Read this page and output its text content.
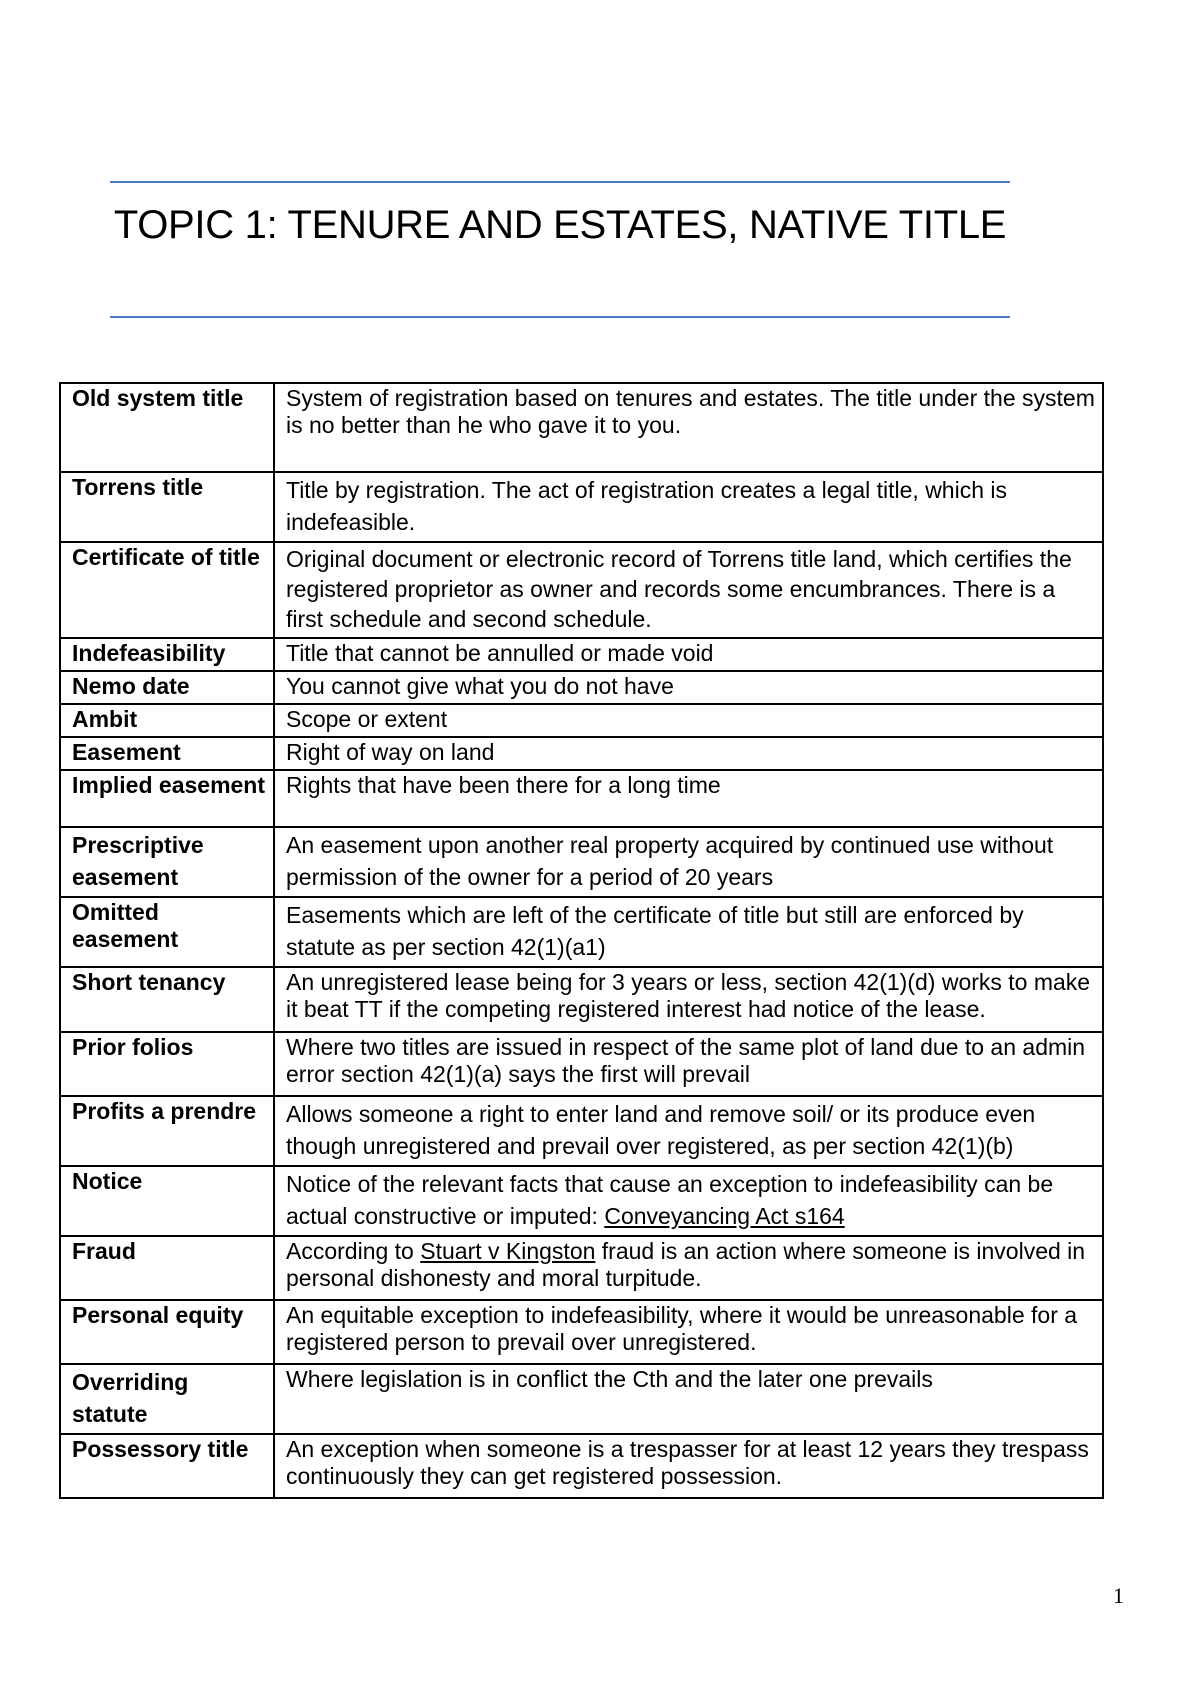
TOPIC 1: TENURE AND ESTATES, NATIVE TITLE
Old system title	System of registration based on tenures and estates. The title under the system
is no better than he who gave it to you.
Torrens title	Title by registration. The act of registration creates a legal title, which is indefeasible.
Certificate of title	Original document or electronic record of Torrens title land, which certifies the registered proprietor as owner and records some encumbrances. There is a first schedule and second schedule.
Indefeasibility	Title that cannot be annulled or made void
Nemo date	You cannot give what you do not have
Ambit	Scope or extent
Easement	Right of way on land
Implied easement	Rights that have been there for a long time
Prescriptive easement	An easement upon another real property acquired by continued use without permission of the owner for a period of 20 years
Omitted easement	Easements which are left of the certificate of title but still are enforced by statute as per section 42(1)(a1)
Short tenancy	An unregistered lease being for 3 years or less, section 42(1)(d) works to make it beat TT if the competing registered interest had notice of the lease.
Prior folios	Where two titles are issued in respect of the same plot of land due to an admin error section 42(1)(a) says the first will prevail
Profits a prendre	Allows someone a right to enter land and remove soil/ or its produce even though unregistered and prevail over registered, as per section 42(1)(b)
Notice	Notice of the relevant facts that cause an exception to indefeasibility can be actual constructive or imputed: Conveyancing Act s164
Fraud	According to Stuart v Kingston fraud is an action where someone is involved in personal dishonesty and moral turpitude.
Personal equity	An equitable exception to indefeasibility, where it would be unreasonable for a registered person to prevail over unregistered.
Overriding statute	Where legislation is in conflict the Cth and the later one prevails
Possessory title	An exception when someone is a trespasser for at least 12 years they trespass continuously they can get registered possession.
1
